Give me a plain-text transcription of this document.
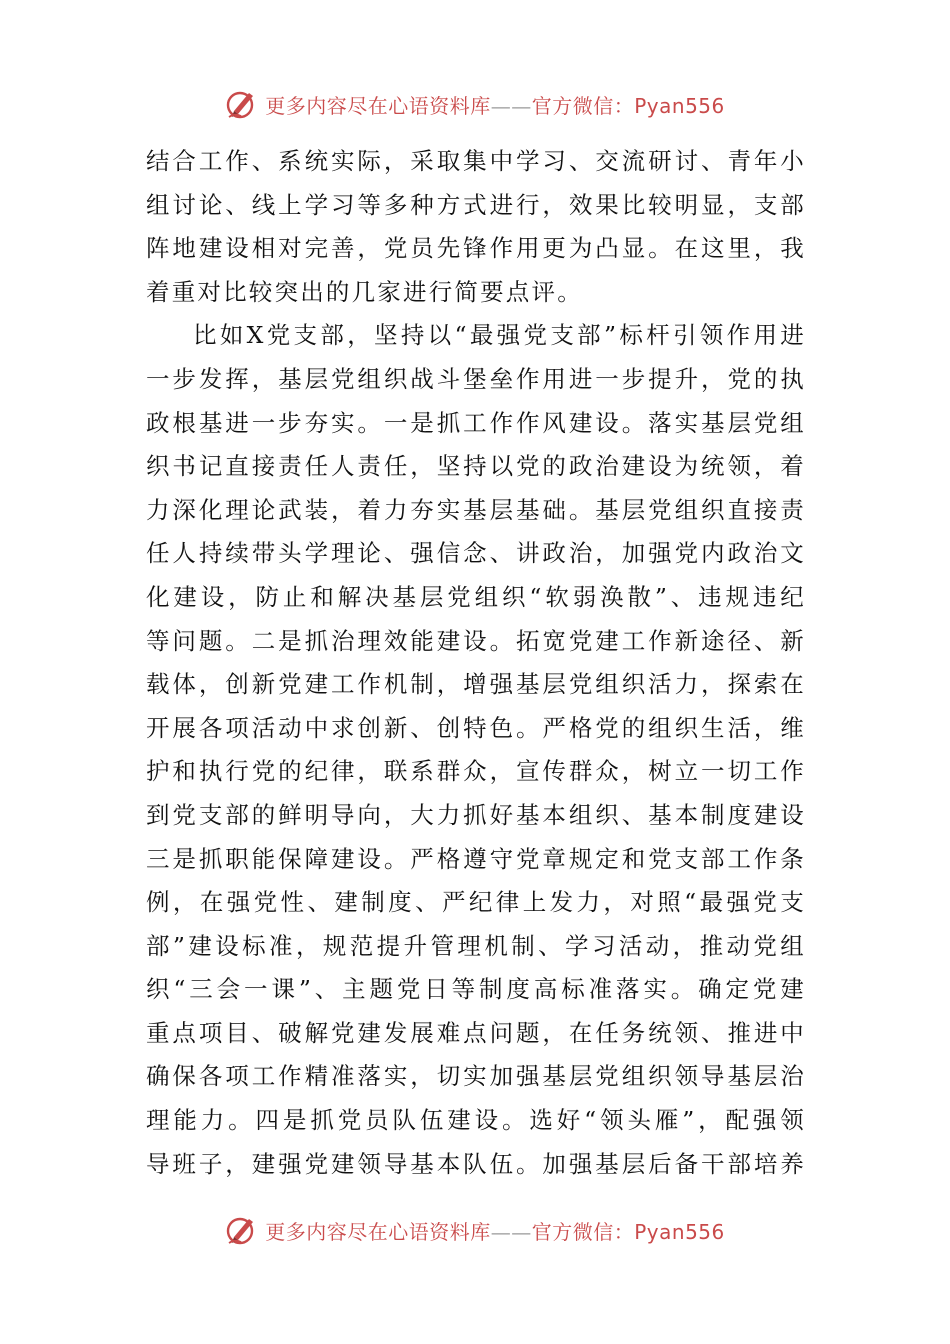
更多内容尽在心语资料库——官方微信：Pyan556

结合工作、系统实际，采取集中学习、交流研讨、青年小
组讨论、线上学习等多种方式进行，效果比较明显，支部
阵地建设相对完善，党员先锋作用更为凸显。在这里，我
着重对比较突出的几家进行简要点评。

比如X党支部，坚持以“最强党支部”标杆引领作用进
一步发挥，基层党组织战斗堡垒作用进一步提升，党的执
政根基进一步夯实。一是抓工作作风建设。落实基层党组
织书记直接责任人责任，坚持以党的政治建设为统领，着
力深化理论武装，着力夯实基层基础。基层党组织直接责
任人持续带头学理论、强信念、讲政治，加强党内政治文
化建设，防止和解决基层党组织“软弱涣散”、违规违纪
等问题。二是抓治理效能建设。拓宽党建工作新途径、新
载体，创新党建工作机制，增强基层党组织活力，探索在
开展各项活动中求创新、创特色。严格党的组织生活，维
护和执行党的纪律，联系群众，宣传群众，树立一切工作
到党支部的鲜明导向，大力抓好基本组织、基本制度建设
三是抓职能保障建设。严格遵守党章规定和党支部工作条
例，在强党性、建制度、严纪律上发力，对照“最强党支
部”建设标准，规范提升管理机制、学习活动，推动党组
织“三会一课”、主题党日等制度高标准落实。确定党建
重点项目、破解党建发展难点问题，在任务统领、推进中
确保各项工作精准落实，切实加强基层党组织领导基层治
理能力。四是抓党员队伍建设。选好“领头雁”，配强领
导班子，建强党建领导基本队伍。加强基层后备干部培养

更多内容尽在心语资料库——官方微信：Pyan556
